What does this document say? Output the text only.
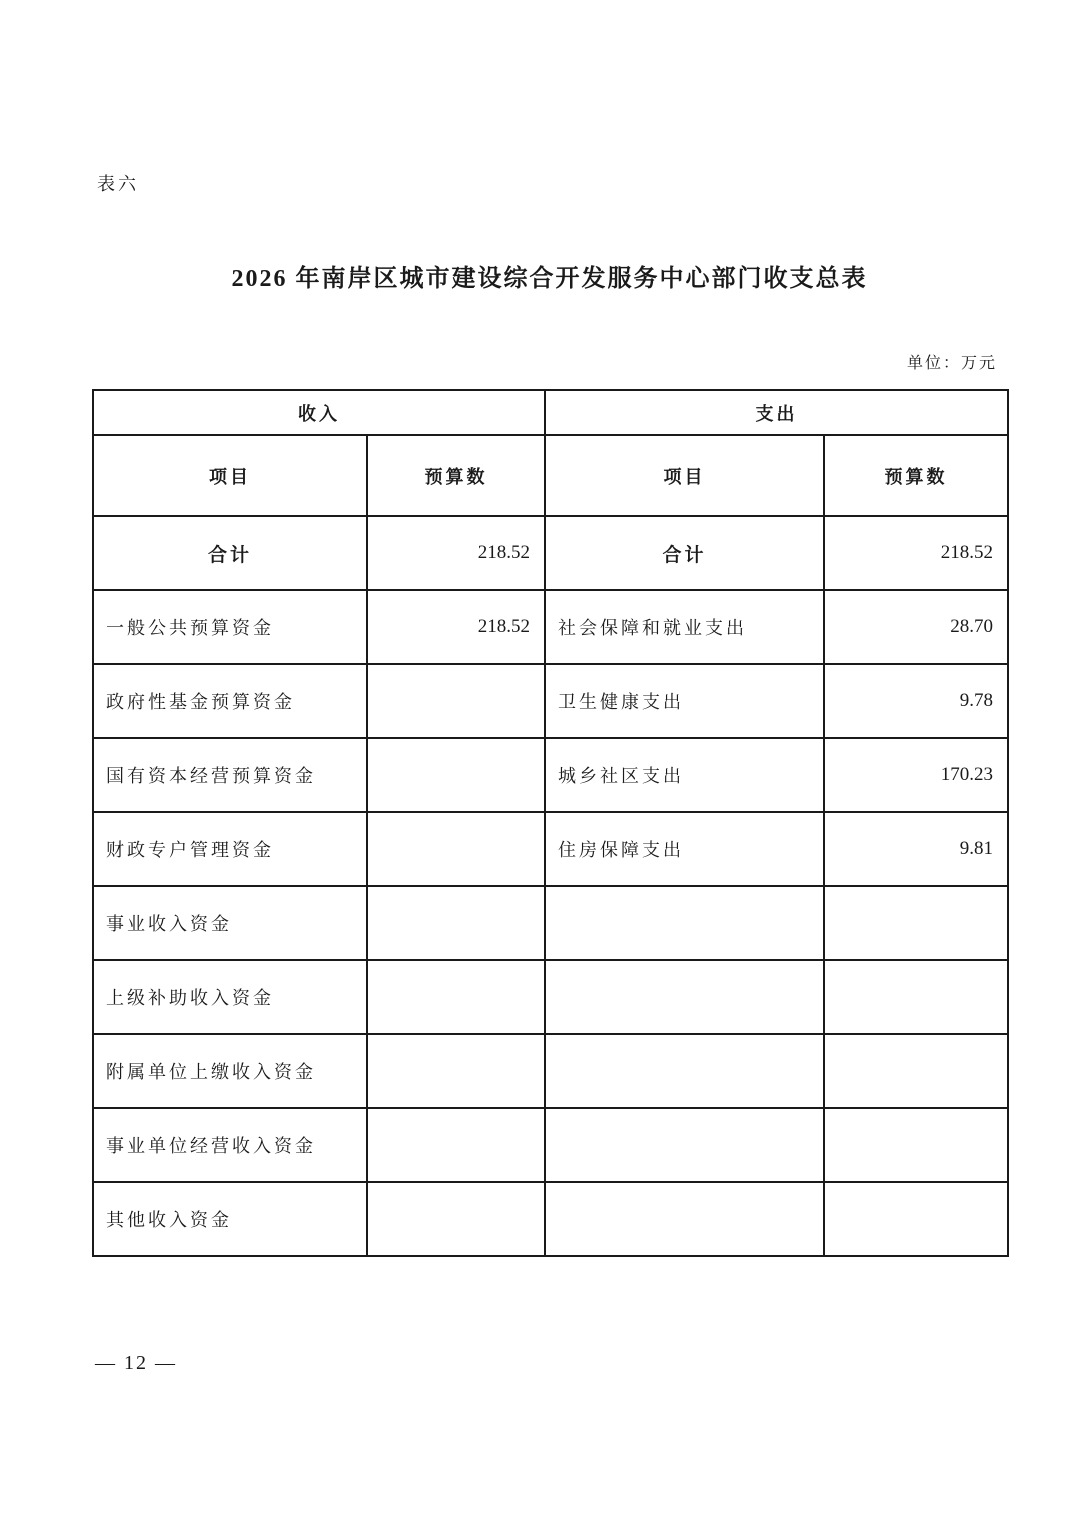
表六
2026 年南岸区城市建设综合开发服务中心部门收支总表
单位：万元
收入		支出	
项目	预算数	项目	预算数
合计	218.52	合计	218.52
一般公共预算资金	218.52	社会保障和就业支出	28.70
政府性基金预算资金		卫生健康支出	9.78
国有资本经营预算资金		城乡社区支出	170.23
财政专户管理资金		住房保障支出	9.81
事业收入资金			
上级补助收入资金			
附属单位上缴收入资金			
事业单位经营收入资金			
其他收入资金			
— 12 —
